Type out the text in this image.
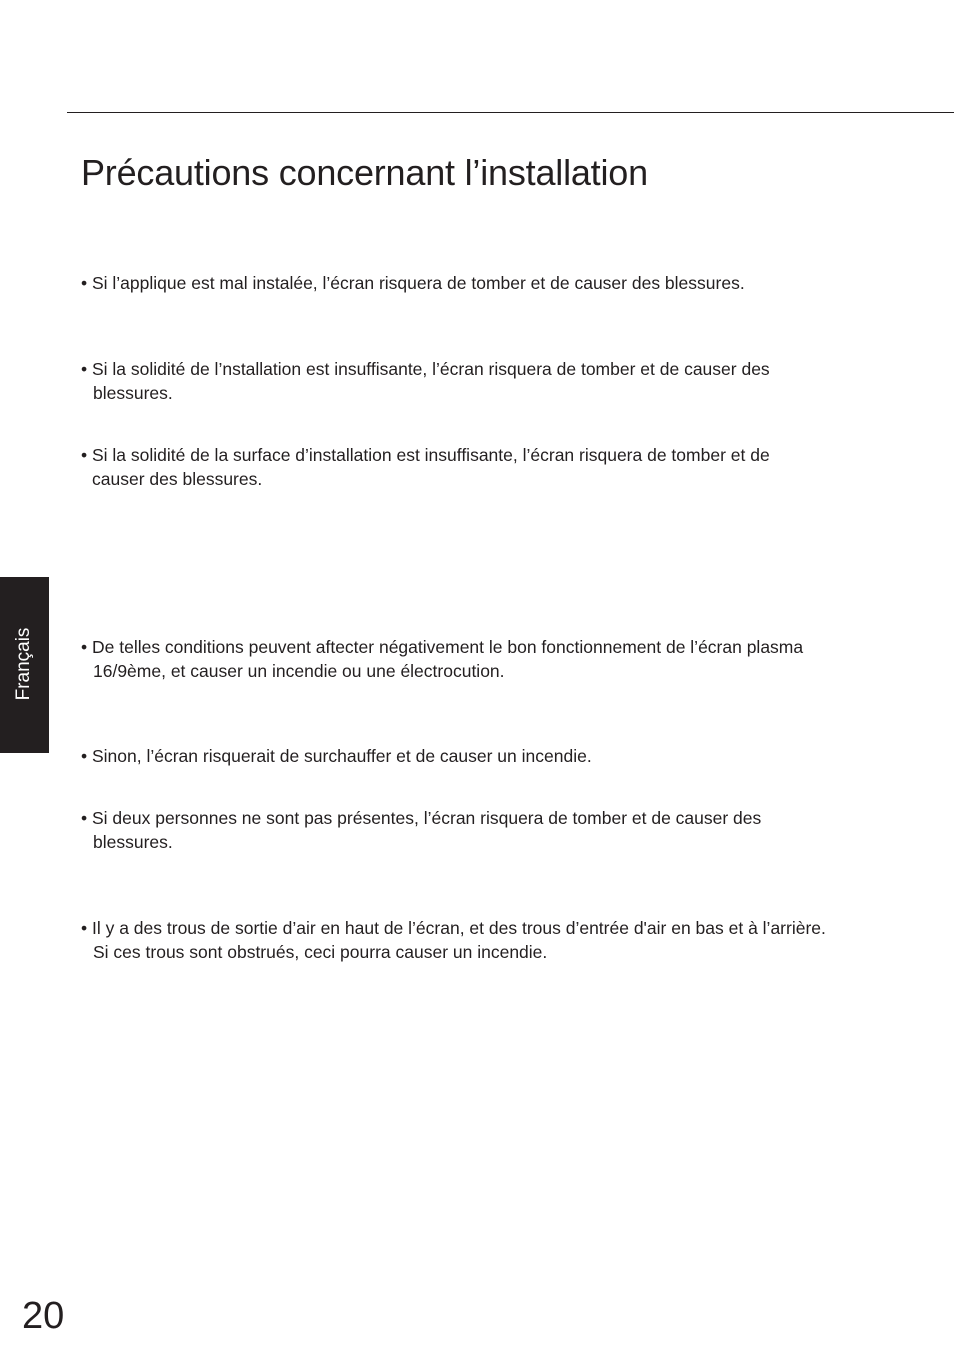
Précautions concernant l’installation
• Si l’applique est mal instalée, l’écran risquera de tomber et de causer des blessures.
• Si la solidité de l’nstallation est insuffisante, l’écran risquera de tomber et de causer des
blessures.
• Si la solidité de la surface d’installation est insuffisante, l’écran risquera de tomber et de
causer des blessures.
• De telles conditions peuvent aftecter négativement le bon fonctionnement de l’écran plasma
16/9ème, et causer un incendie ou une électrocution.
• Sinon, l’écran risquerait de surchauffer et de causer un incendie.
• Si deux personnes ne sont pas présentes, l’écran risquera de tomber et de causer des
blessures.
• Il y a des trous de sortie d’air en haut de l’écran, et des trous d’entrée d'air en bas et à l’arrière.
Si ces trous sont obstrués, ceci pourra causer un incendie.
Français
20
